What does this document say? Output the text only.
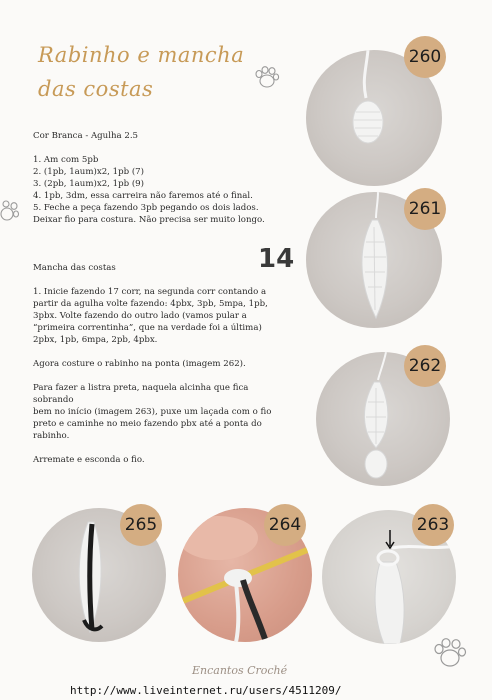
Rabinho e mancha
das costas

Cor Branca - Agulha 2.5

1. Am com 5pb

2. (1pb, 1aum)x2, 1pb (7)

3. (2pb, 1aum)x2, 1pb (9)

4. 1pb, 3dm, essa carreira não faremos até o final.

5. Feche a peça fazendo 3pb pegando os dois lados.

Deixar fio para costura. Não precisa ser muito longo.

14

Mancha das costas

1. Inicie fazendo 17 corr, na segunda corr contando a

partir da agulha volte fazendo: 4pbx, 3pb, 5mpa, 1pb,

3pbx. Volte fazendo do outro lado (vamos pular a

“primeira correntinha”, que na verdade foi a última)

2pbx, 1pb, 6mpa, 2pb, 4pbx.

Agora costure o rabinho na ponta (imagem 262).

Para fazer a listra preta, naquela alcinha que fica sobrando

bem no início (imagem 263), puxe um laçada com o fio

preto e caminhe no meio fazendo pbx até a ponta do

rabinho.

Arremate e esconda o fio.

260
261
262
265	264	263
Encantos Croché
http://www.liveinternet.ru/users/4511209/
